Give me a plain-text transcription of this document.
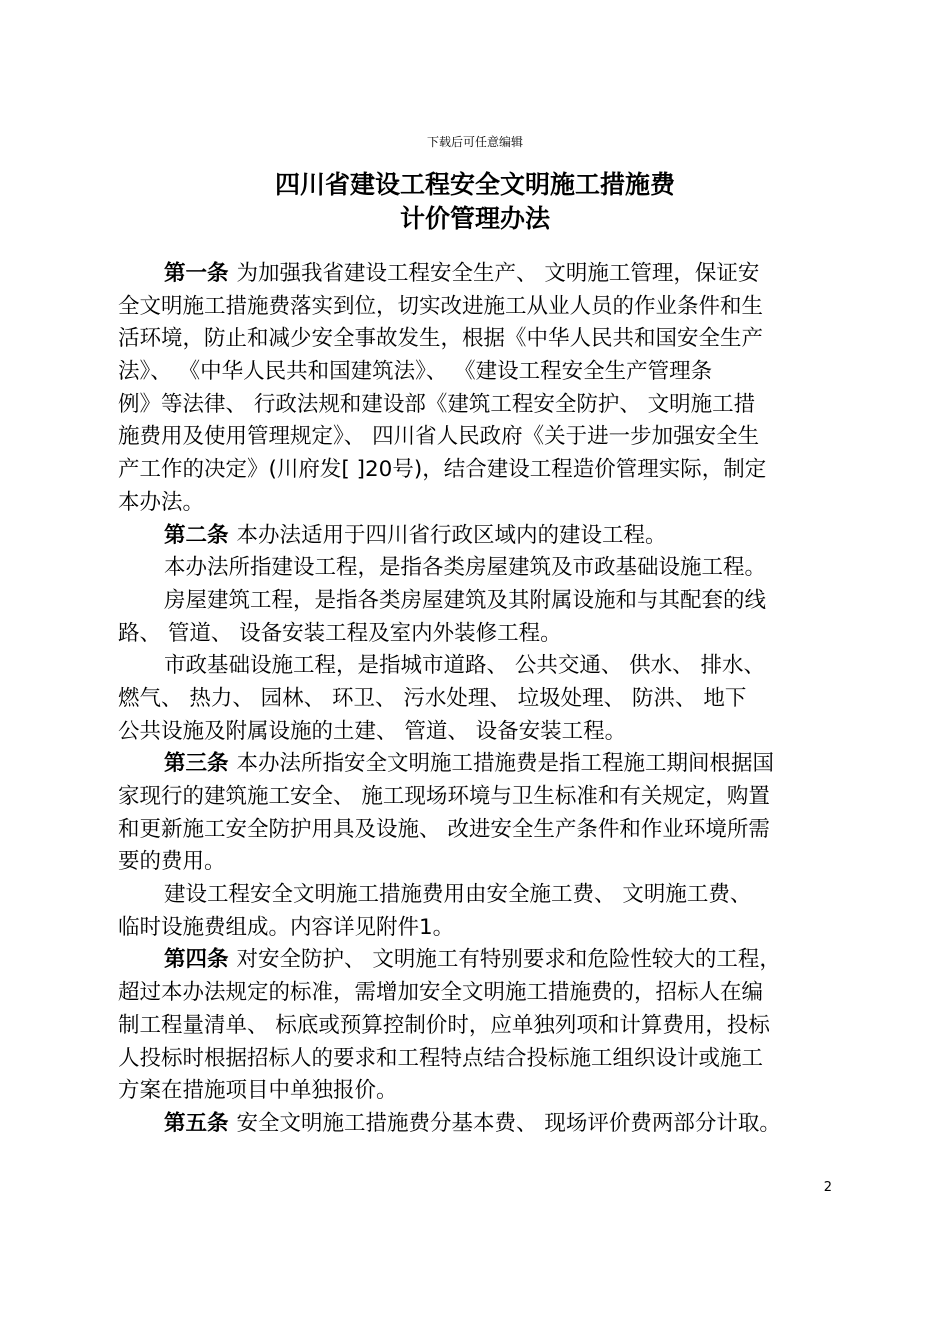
下载后可任意编辑
四川省建设工程安全文明施工措施费
计价管理办法
第一条 为加强我省建设工程安全生产、 文明施工管理，保证安
全文明施工措施费落实到位，切实改进施工从业人员的作业条件和生
活环境，防止和减少安全事故发生，根据《中华人民共和国安全生产
法》、 《中华人民共和国建筑法》、 《建设工程安全生产管理条
例》等法律、 行政法规和建设部《建筑工程安全防护、 文明施工措
施费用及使用管理规定》、 四川省人民政府《关于进一步加强安全生
产工作的决定》(川府发[ ]20号)，结合建设工程造价管理实际，制定
本办法。
第二条 本办法适用于四川省行政区域内的建设工程。
本办法所指建设工程，是指各类房屋建筑及市政基础设施工程。
房屋建筑工程，是指各类房屋建筑及其附属设施和与其配套的线
路、 管道、 设备安装工程及室内外装修工程。
市政基础设施工程，是指城市道路、 公共交通、 供水、 排水、
燃气、 热力、 园林、 环卫、 污水处理、 垃圾处理、 防洪、 地下
公共设施及附属设施的土建、 管道、 设备安装工程。
第三条 本办法所指安全文明施工措施费是指工程施工期间根据国
家现行的建筑施工安全、 施工现场环境与卫生标准和有关规定，购置
和更新施工安全防护用具及设施、 改进安全生产条件和作业环境所需
要的费用。
建设工程安全文明施工措施费用由安全施工费、 文明施工费、
临时设施费组成。内容详见附件1。
第四条 对安全防护、 文明施工有特别要求和危险性较大的工程，
超过本办法规定的标准，需增加安全文明施工措施费的，招标人在编
制工程量清单、 标底或预算控制价时，应单独列项和计算费用，投标
人投标时根据招标人的要求和工程特点结合投标施工组织设计或施工
方案在措施项目中单独报价。
第五条 安全文明施工措施费分基本费、 现场评价费两部分计取。
2
